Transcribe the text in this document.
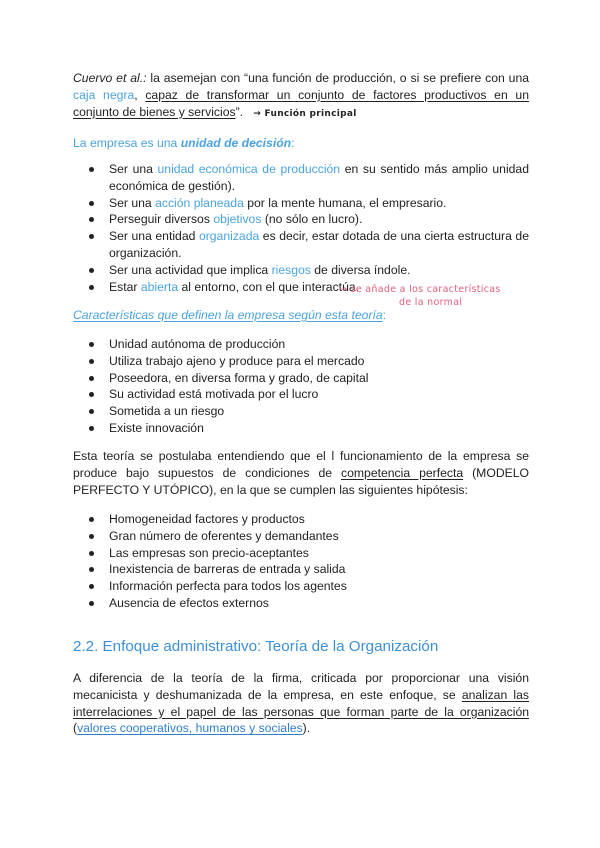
Cuervo et al.: la asemejan con “una función de producción, o si se prefiere con una caja negra, capaz de transformar un conjunto de factores productivos en un conjunto de bienes y servicios”. → Función principal

La empresa es una unidad de decisión:

Ser una unidad económica de producción en su sentido más amplio unidad económica de gestión).
Ser una acción planeada por la mente humana, el empresario.
Perseguir diversos objetivos (no sólo en lucro).
Ser una entidad organizada es decir, estar dotada de una cierta estructura de organización.
Ser una actividad que implica riesgos de diversa índole.
Estar abierta al entorno, con el que interactúa.
→ se añade a los características
de la normal

Características que definen la empresa según esta teoría:

Unidad autónoma de producción
Utiliza trabajo ajeno y produce para el mercado
Poseedora, en diversa forma y grado, de capital
Su actividad está motivada por el lucro
Sometida a un riesgo
Existe innovación

Esta teoría se postulaba entendiendo que el l funcionamiento de la empresa se produce bajo supuestos de condiciones de competencia perfecta (MODELO PERFECTO Y UTÓPICO), en la que se cumplen las siguientes hipótesis:

Homogeneidad factores y productos
Gran número de oferentes y demandantes
Las empresas son precio-aceptantes
Inexistencia de barreras de entrada y salida
Información perfecta para todos los agentes
Ausencia de efectos externos
2.2. Enfoque administrativo: Teoría de la Organización

A diferencia de la teoría de la firma, criticada por proporcionar una visión mecanicista y deshumanizada de la empresa, en este enfoque, se analizan las interrelaciones y el papel de las personas que forman parte de la organización (valores cooperativos, humanos y sociales).
